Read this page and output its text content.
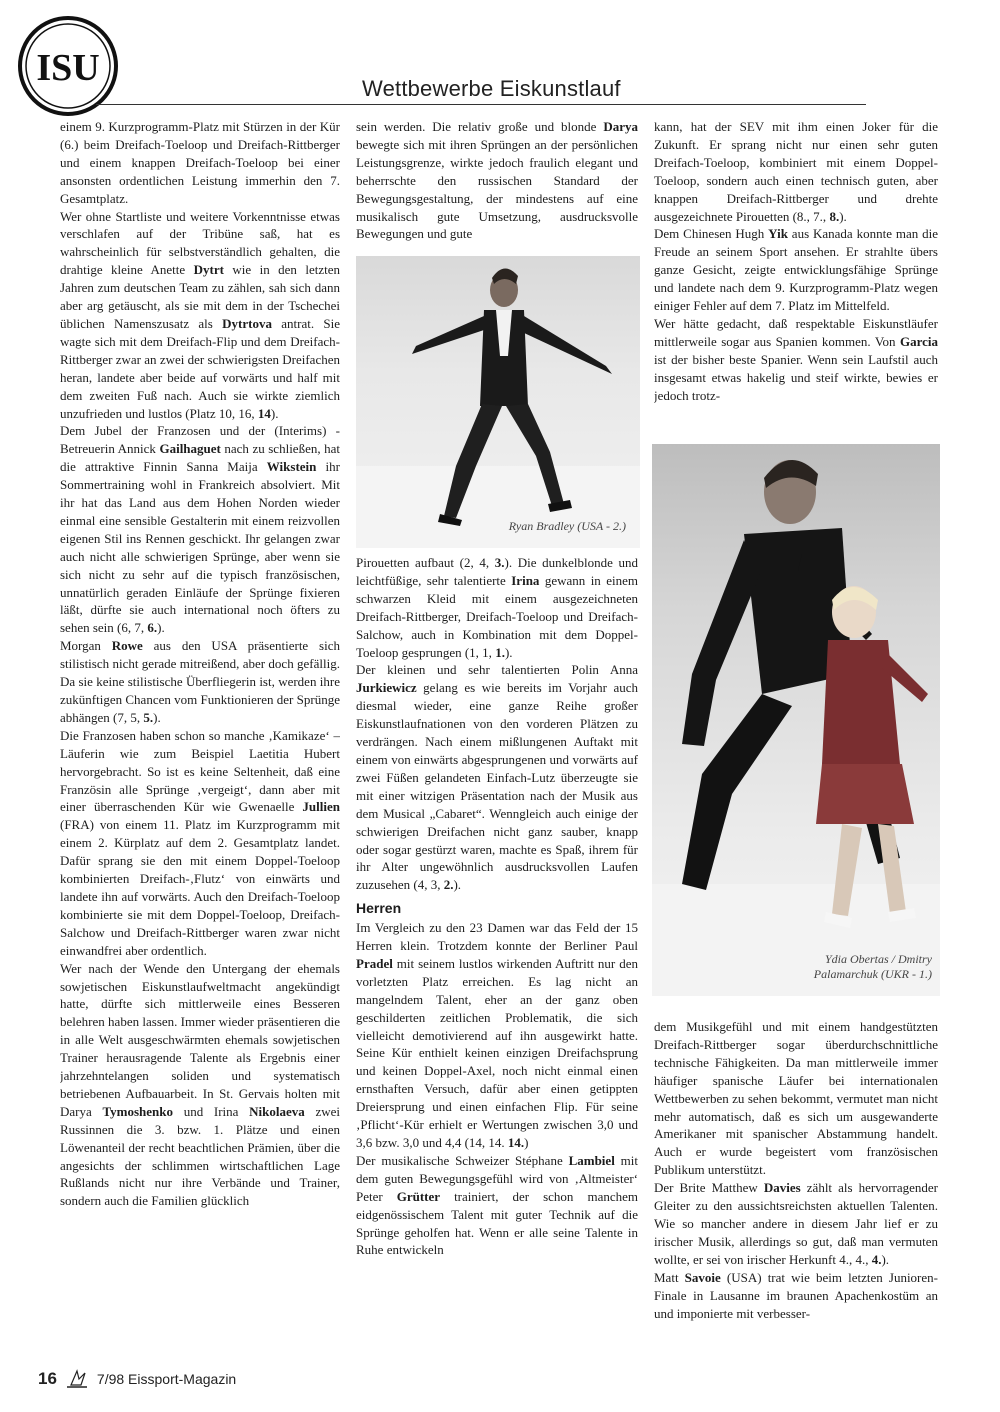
ISU	Wettbewerbe Eiskunstlauf

einem 9. Kurzprogramm-Platz mit Stürzen in der Kür (6.) beim Dreifach-Toeloop und Dreifach-Rittberger und einem knappen Dreifach-Toeloop bei einer ansonsten ordentlichen Leistung immerhin den 7. Gesamtplatz.

Wer ohne Startliste und weitere Vorkenntnisse etwas verschlafen auf der Tribüne saß, hat es wahrscheinlich für selbstverständlich gehalten, die drahtige kleine Anette Dytrt wie in den letzten Jahren zum deutschen Team zu zählen, sah sich dann aber arg getäuscht, als sie mit dem in der Tschechei üblichen Namenszusatz als Dytrtova antrat. Sie wagte sich mit dem Dreifach-Flip und dem Dreifach-Rittberger zwar an zwei der schwierigsten Dreifachen heran, landete aber beide auf vorwärts und half mit dem zweiten Fuß nach. Auch sie wirkte ziemlich unzufrieden und lustlos (Platz 10, 16, 14).

Dem Jubel der Franzosen und der (Interims) - Betreuerin Annick Gailhaguet nach zu schließen, hat die attraktive Finnin Sanna Maija Wikstein ihr Sommertraining wohl in Frankreich absolviert. Mit ihr hat das Land aus dem Hohen Norden wieder einmal eine sensible Gestalterin mit einem reizvollen eigenen Stil ins Rennen geschickt. Ihr gelangen zwar auch nicht alle schwierigen Sprünge, aber wenn sie sich nicht zu sehr auf die typisch französischen, unnatürlich geraden Einläufe der Sprünge fixieren läßt, dürfte sie auch international noch öfters zu sehen sein (6, 7, 6.).

Morgan Rowe aus den USA präsentierte sich stilistisch nicht gerade mitreißend, aber doch gefällig. Da sie keine stilistische Überfliegerin ist, werden ihre zukünftigen Chancen vom Funktionieren der Sprünge abhängen (7, 5, 5.).

Die Franzosen haben schon so manche ‚Kamikaze‘ – Läuferin wie zum Beispiel Laetitia Hubert hervorgebracht. So ist es keine Seltenheit, daß eine Französin alle Sprünge ‚vergeigt‘, dann aber mit einer überraschenden Kür wie Gwenaelle Jullien (FRA) von einem 11. Platz im Kurzprogramm mit einem 2. Kürplatz auf dem 2. Gesamtplatz landet. Dafür sprang sie den mit einem Doppel-Toeloop kombinierten Dreifach-‚Flutz‘ von einwärts und landete ihn auf vorwärts. Auch den Dreifach-Toeloop kombinierte sie mit dem Doppel-Toeloop, Dreifach-Salchow und Dreifach-Rittberger waren zwar nicht einwandfrei aber ordentlich.

Wer nach der Wende den Untergang der ehemals sowjetischen Eiskunstlaufweltmacht angekündigt hatte, dürfte sich mittlerweile eines Besseren belehren haben lassen. Immer wieder präsentieren die in alle Welt ausgeschwärmten ehemals sowjetischen Trainer herausragende Talente als Ergebnis einer jahrzehntelangen soliden und systematisch betriebenen Aufbauarbeit. In St. Gervais holten mit Darya Tymoshenko und Irina Nikolaeva zwei Russinnen die 3. bzw. 1. Plätze und einen Löwenanteil der recht beachtlichen Prämien, über die angesichts der schlimmen wirtschaftlichen Lage Rußlands nicht nur ihre Verbände und Trainer, sondern auch die Familien glücklich

sein werden. Die relativ große und blonde Darya bewegte sich mit ihren Sprüngen an der persönlichen Leistungsgrenze, wirkte jedoch fraulich elegant und beherrschte den russischen Standard der Bewegungsgestaltung, der mindestens auf eine musikalisch gute Umsetzung, ausdrucksvolle Bewegungen und gute

Ryan Bradley (USA - 2.)

Pirouetten aufbaut (2, 4, 3.). Die dunkelblonde und leichtfüßige, sehr talentierte Irina gewann in einem schwarzen Kleid mit einem ausgezeichneten Dreifach-Rittberger, Dreifach-Toeloop und Dreifach-Salchow, auch in Kombination mit dem Doppel-Toeloop gesprungen (1, 1, 1.).

Der kleinen und sehr talentierten Polin Anna Jurkiewicz gelang es wie bereits im Vorjahr auch diesmal wieder, eine ganze Reihe großer Eiskunstlaufnationen von den vorderen Plätzen zu verdrängen. Nach einem mißlungenen Auftakt mit einem von einwärts abgesprungenen und vorwärts auf zwei Füßen gelandeten Einfach-Lutz überzeugte sie mit einer witzigen Präsentation nach der Musik aus dem Musical „Cabaret“. Wenngleich auch einige der schwierigen Dreifachen nicht ganz sauber, knapp oder sogar gestürzt waren, machte es Spaß, ihrem für ihr Alter ungewöhnlich ausdrucksvollen Laufen zuzusehen (4, 3, 2.).

Herren

Im Vergleich zu den 23 Damen war das Feld der 15 Herren klein. Trotzdem konnte der Berliner Paul Pradel mit seinem lustlos wirkenden Auftritt nur den vorletzten Platz erreichen. Es lag nicht an mangelndem Talent, eher an der ganz oben geschilderten zeitlichen Problematik, die sich vielleicht demotivierend auf ihn ausgewirkt hatte. Seine Kür enthielt keinen einzigen Dreifachsprung und keinen Doppel-Axel, noch nicht einmal einen ernsthaften Versuch, dafür aber einen getippten Dreiersprung und einen einfachen Flip. Für seine ‚Pflicht‘-Kür erhielt er Wertungen zwischen 3,0 und 3,6 bzw. 3,0 und 4,4 (14, 14. 14.)

Der musikalische Schweizer Stéphane Lambiel mit dem guten Bewegungsgefühl wird von ‚Altmeister‘ Peter Grütter trainiert, der schon manchem eidgenössischem Talent mit guter Technik auf die Sprünge geholfen hat. Wenn er alle seine Talente in Ruhe entwickeln

kann, hat der SEV mit ihm einen Joker für die Zukunft. Er sprang nicht nur einen sehr guten Dreifach-Toeloop, kombiniert mit einem Doppel-Toeloop, sondern auch einen technisch guten, aber knappen Dreifach-Rittberger und drehte ausgezeichnete Pirouetten (8., 7., 8.).

Dem Chinesen Hugh Yik aus Kanada konnte man die Freude an seinem Sport ansehen. Er strahlte übers ganze Gesicht, zeigte entwicklungsfähige Sprünge und landete nach dem 9. Kurzprogramm-Platz wegen einiger Fehler auf dem 7. Platz im Mittelfeld.

Wer hätte gedacht, daß respektable Eiskunstläufer mittlerweile sogar aus Spanien kommen. Von Garcia ist der bisher beste Spanier. Wenn sein Laufstil auch insgesamt etwas hakelig und steif wirkte, bewies er jedoch trotz-

Ydia Obertas / Dmitry
Palamarchuk (UKR - 1.)

dem Musikgefühl und mit einem handgestützten Dreifach-Rittberger sogar überdurchschnittliche technische Fähigkeiten. Da man mittlerweile immer häufiger spanische Läufer bei internationalen Wettbewerben zu sehen bekommt, vermutet man nicht mehr automatisch, daß es sich um ausgewanderte Amerikaner mit spanischer Abstammung handelt. Auch er wurde begeistert vom französischen Publikum unterstützt.

Der Brite Matthew Davies zählt als hervorragender Gleiter zu den aussichtsreichsten aktuellen Talenten. Wie so mancher andere in diesem Jahr lief er zu irischer Musik, allerdings so gut, daß man vermuten wollte, er sei von irischer Herkunft 4., 4., 4.).

Matt Savoie (USA) trat wie beim letzten Junioren-Finale in Lausanne im braunen Apachenkostüm an und imponierte mit verbesser-

16	7/98 Eissport-Magazin
